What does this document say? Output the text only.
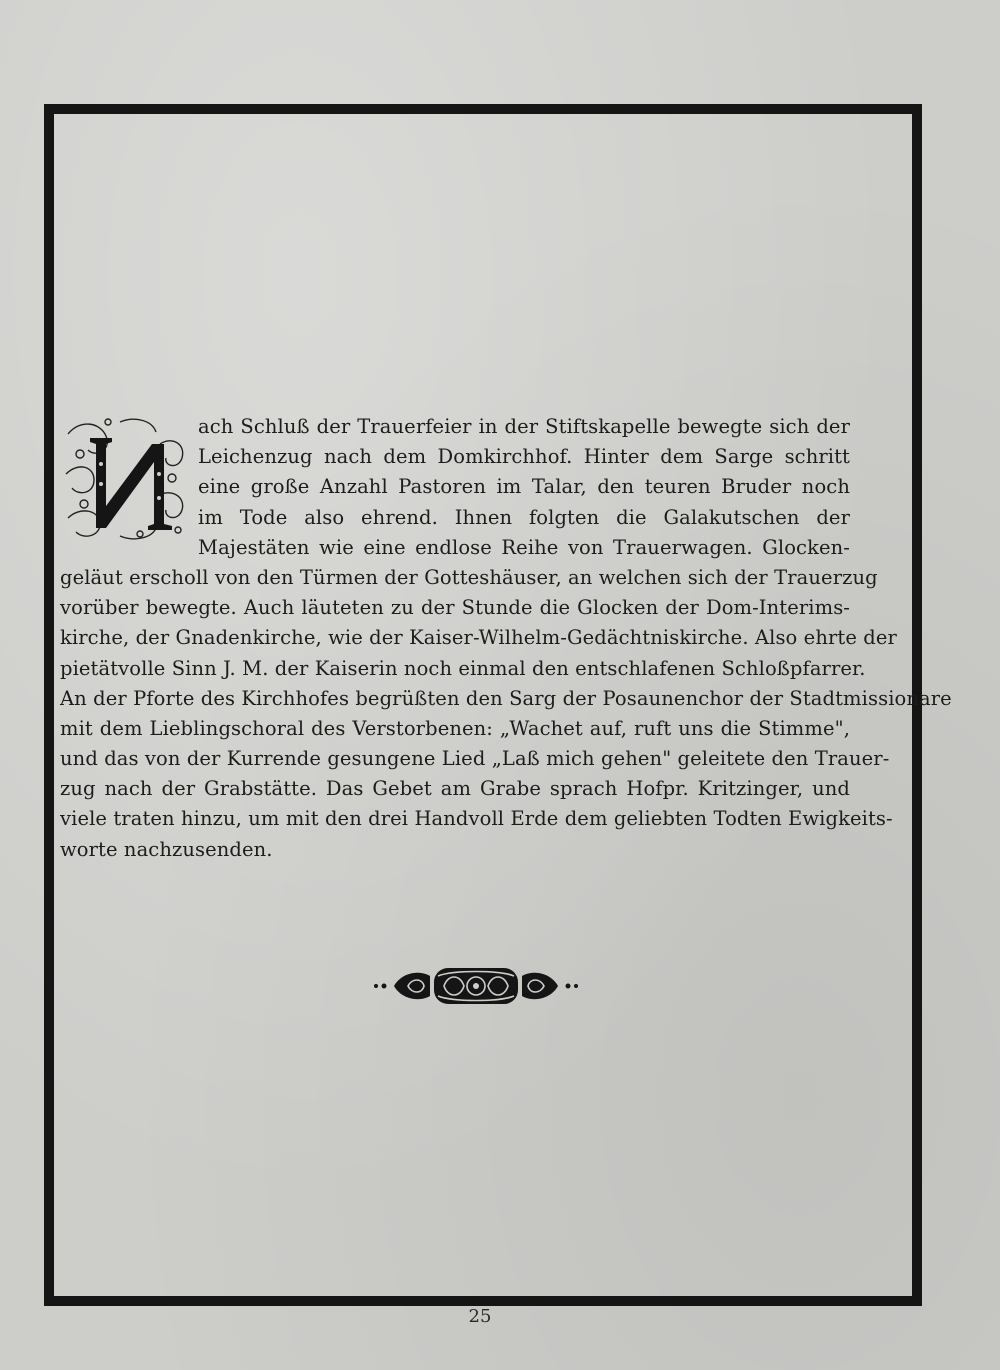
ach Schluß der Trauerfeier in der Stiftskapelle bewegte sich der
Leichenzug nach dem Domkirchhof. Hinter dem Sarge schritt
eine große Anzahl Pastoren im Talar, den teuren Bruder noch
im Tode also ehrend. Ihnen folgten die Galakutschen der
Majestäten wie eine endlose Reihe von Trauerwagen. Glocken-
geläut erscholl von den Türmen der Gotteshäuser, an welchen sich der Trauerzug
vorüber bewegte. Auch läuteten zu der Stunde die Glocken der Dom-Interims-
kirche, der Gnadenkirche, wie der Kaiser-Wilhelm-Gedächtniskirche. Also ehrte der
pietätvolle Sinn J. M. der Kaiserin noch einmal den entschlafenen Schloßpfarrer.
An der Pforte des Kirchhofes begrüßten den Sarg der Posaunenchor der Stadtmissionare
mit dem Lieblingschoral des Verstorbenen: „Wachet auf, ruft uns die Stimme",
und das von der Kurrende gesungene Lied „Laß mich gehen" geleitete den Trauer-
zug nach der Grabstätte. Das Gebet am Grabe sprach Hofpr. Kritzinger, und
viele traten hinzu, um mit den drei Handvoll Erde dem geliebten Todten Ewigkeits-
worte nachzusenden.
25
